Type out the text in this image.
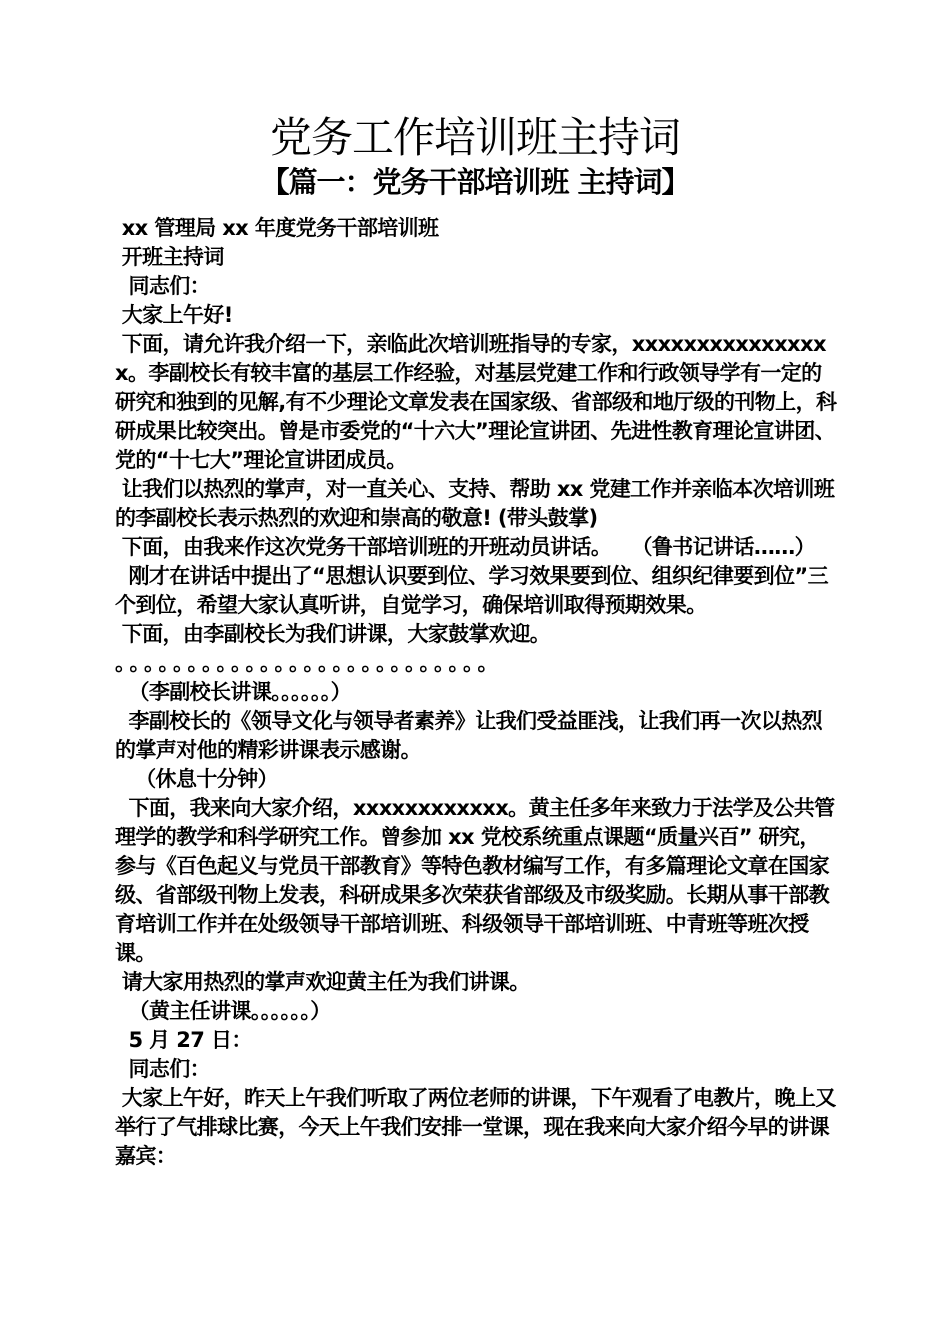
党务工作培训班主持词
【篇一：党务干部培训班 主持词】

xx 管理局 xx 年度党务干部培训班

开班主持词

同志们：

大家上午好!

下面，请允许我介绍一下，亲临此次培训班指导的专家，xxxxxxxxxxxxxxxx。李副校长有较丰富的基层工作经验，对基层党建工作和行政领导学有一定的研究和独到的见解,有不少理论文章发表在国家级、省部级和地厅级的刊物上，科研成果比较突出。曾是市委党的“十六大”理论宣讲团、先进性教育理论宣讲团、党的“十七大”理论宣讲团成员。

让我们以热烈的掌声，对一直关心、支持、帮助 xx 党建工作并亲临本次培训班的李副校长表示热烈的欢迎和崇高的敬意! (带头鼓掌)

下面，由我来作这次党务干部培训班的开班动员讲话。   （鲁书记讲话……）

刚才在讲话中提出了“思想认识要到位、学习效果要到位、组织纪律要到位”三个到位，希望大家认真听讲，自觉学习，确保培训取得预期效果。

下面，由李副校长为我们讲课，大家鼓掌欢迎。

。。。。。。。。。。。。。。。。。。。。。。。。。。

（李副校长讲课。。。。。。）

李副校长的《领导文化与领导者素养》让我们受益匪浅，让我们再一次以热烈的掌声对他的精彩讲课表示感谢。

（休息十分钟）

下面，我来向大家介绍，xxxxxxxxxxxx。黄主任多年来致力于法学及公共管理学的教学和科学研究工作。曾参加 xx 党校系统重点课题“质量兴百” 研究，参与《百色起义与党员干部教育》等特色教材编写工作，有多篇理论文章在国家级、省部级刊物上发表，科研成果多次荣获省部级及市级奖励。长期从事干部教育培训工作并在处级领导干部培训班、科级领导干部培训班、中青班等班次授课。

请大家用热烈的掌声欢迎黄主任为我们讲课。

（黄主任讲课。。。。。。）

5 月 27 日：

同志们：

大家上午好，昨天上午我们听取了两位老师的讲课，下午观看了电教片，晚上又举行了气排球比赛，今天上午我们安排一堂课，现在我来向大家介绍今早的讲课嘉宾：
